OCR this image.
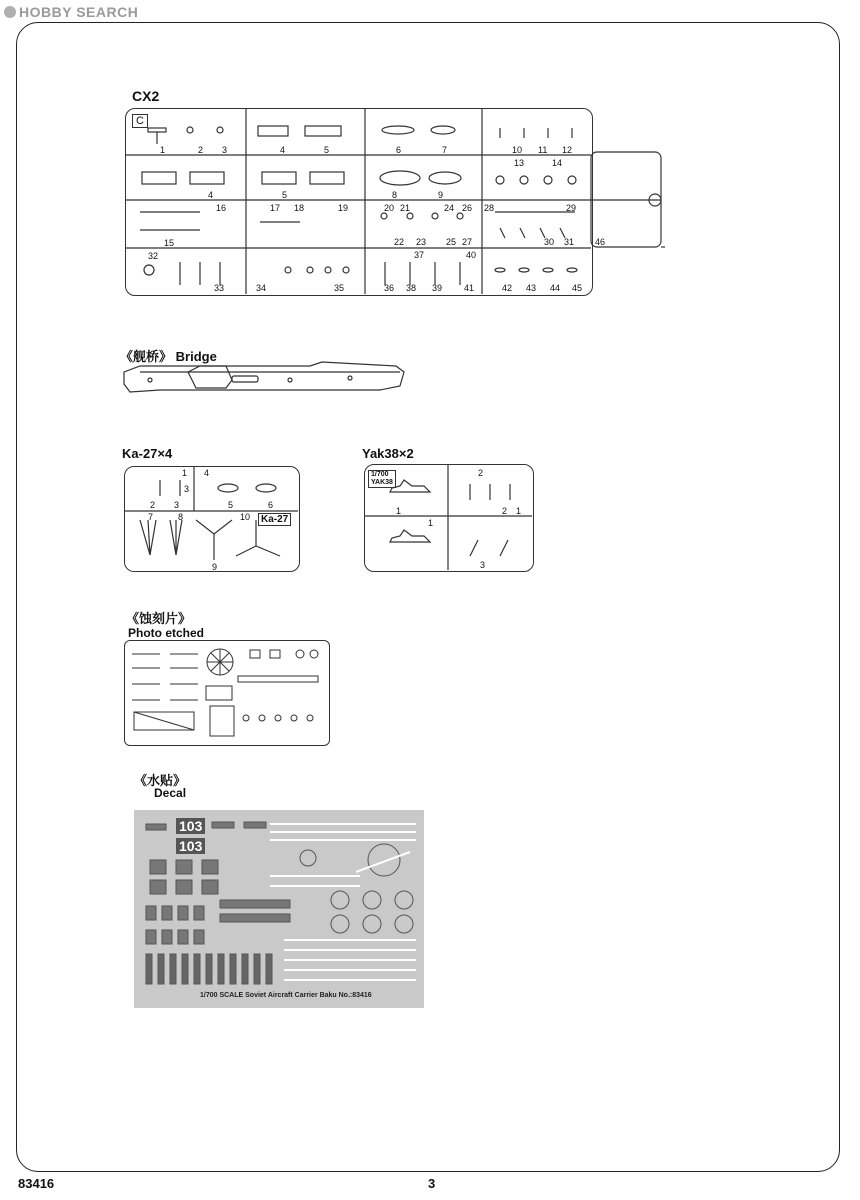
HOBBY SEARCH
CX2
C
1	2 3	4	5	6	7	10 11 12
4	5	8	9
13	14
16
15
17 18	19	20 21	24 26
22 23 25 27
28	29
30 31 46
32
33	34	35
37	40
36 38 39 41	42 43 44 45
《舰桥》 Bridge
Ka-27×4
Ka-27
1
3
4
2 3	5	6
7	8	10
9
Yak38×2
1/700
YAK38
2
1	2 1
1
3
《蚀刻片》
Photo etched
《水贴》
Decal
103
103
1/700 SCALE Soviet Aircraft Carrier Baku No.:83416
83416	3
